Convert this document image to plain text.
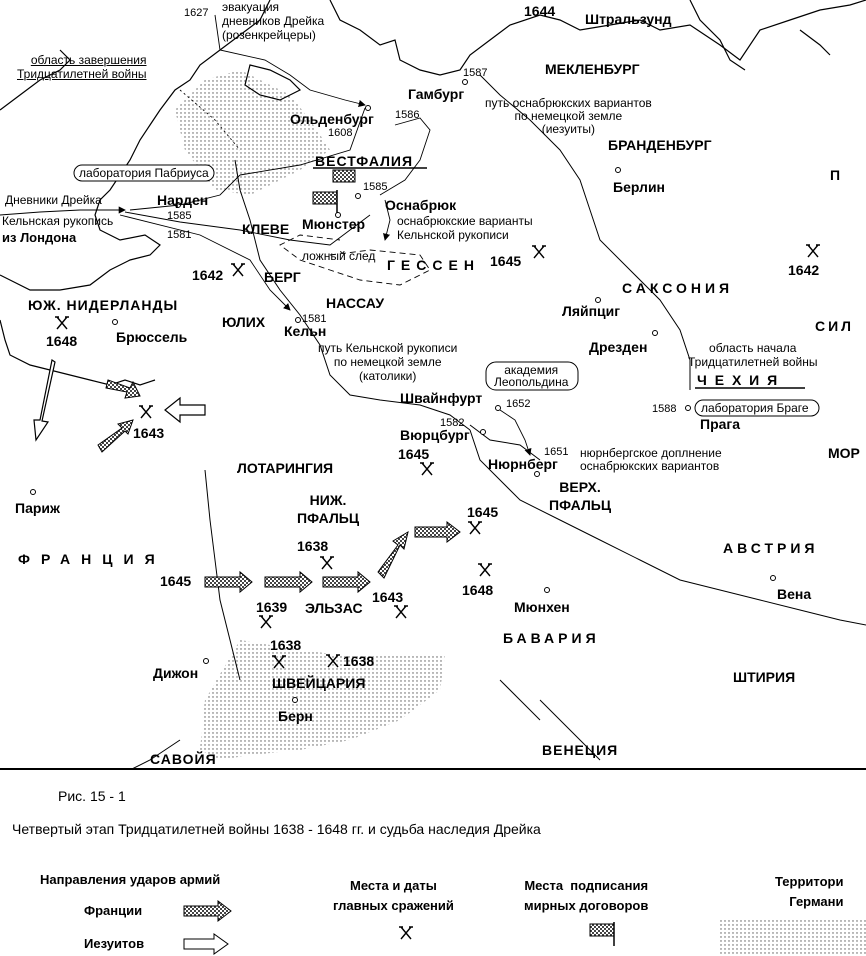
1627 эвакуация
дневников Дрейка
(розенкрейцеры)
1644 Штральзунд
область завершения
Тридцатилетней войны	1587	МЕКЛЕНБУРГ
Гамбург
путь оснабрюкских вариантов
по немецкой земле
(иезуиты)
1586
Ольденбург
1608
БРАНДЕНБУРГ
ВЕСТФАЛИЯ
П
лаборатория Пабриуса
Берлин
1585
Нарден
Дневники Дрейка	Оснабрюк
1585
Кельнская рукопись	Мюнстер	оснабрюкские варианты
Кельнской рукописи
КЛЕВЕ
1581
из Лондона
ложный след
ГЕССЕН 1645
1642
1642	БЕРГ
САКСОНИЯ
ЮЖ. НИДЕРЛАНДЫ	НАССАУ	Ляйпциг
1581
ЮЛИХ	СИЛ
Кельн
Брюссель
1648	путь Кельнской рукописи
по немецкой земле
(католики)
Дрезден	область начала
Тридцатилетней войны
академия
Леопольдина	Ч Е Х И Я
Швайнфурт 1652	1588 лаборатория Браге
1582	Прага
1643	Вюрцбург
1651 нюрнбергское доплнение
оснабрюкских вариантов
МОР
1645
Нюрнберг
ЛОТАРИНГИЯ
ВЕРХ.
ПФАЛЬЦ
НИЖ.
ПФАЛЬЦ
Париж	1645
1638	АВСТРИЯ
ФРАНЦИЯ
1645
1648	Вена
1643
1639 ЭЛЬЗАС	Мюнхен
БАВАРИЯ
1638
1638
Дижон	ШТИРИЯ
ШВЕЙЦАРИЯ
Берн
ВЕНЕЦИЯ
САВОЙЯ
Рис. 15 - 1
Четвертый этап Тридцатилетней войны 1638 - 1648 гг. и судьба наследия Дрейка
Направления ударов армий
Франции
Иезуитов
Места и даты
главных сражений
Места  подписания
мирных договоров
Территори
Германи
